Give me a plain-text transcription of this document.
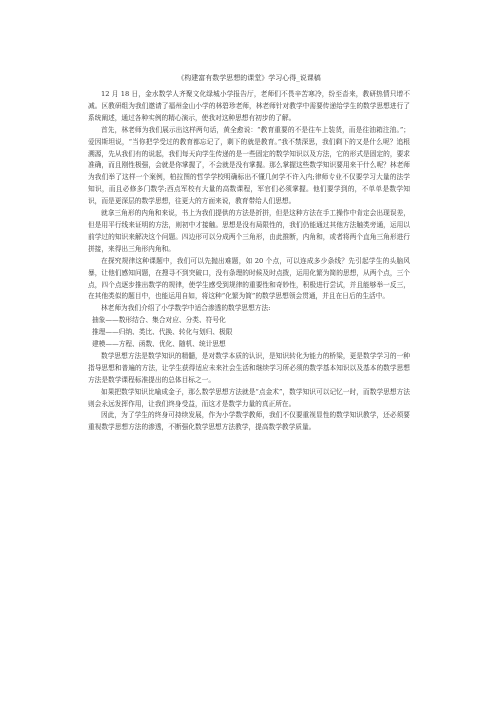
《构建富有数学思想的课堂》学习心得_说课稿

12 月 18 日，金水数学人齐聚文化绿城小学报告厅，老师们不畏辛苦寒冷，纷至沓来，教研热情只增不减。区教研组为我们邀请了福州金山小学的林碧珍老师，林老师针对教学中需要传递给学生的数学思想进行了系统阐述，通过各种实例的精心演示，使我对这种思想有初步的了解。

首先，林老师为我们展示出这样两句话，黄全愈说：“教育重要的不是往车上装货，而是往油箱注油。”；爱因斯坦说，“当你把学受过的教育都忘记了，剩下的就是教育。”我不禁深思，我们剩下的又是什么呢？追根溯源，先从我们有的说起，我们每天向学生传递的是一些固定的数学知识以及方法，它的形式是固定的，要求准确，而且刚性极强，会就是你掌握了，不会就是没有掌握。那么掌握这些数学知识要用来干什么呢？林老师为我们举了这样一个案例，柏拉图的哲学学校明确标出不懂几何学不许入内;律师专业不仅要学习大量的法学知识，而且必修多门数学;西点军校有大量的高数课程，军官们必须掌握。他们要学到的，不单单是数学知识，而是更深层的数学思想，往更大的方面来说，教育带给人们思想。

就拿三角形的内角和来说，书上为我们提供的方法是折拼，但是这种方法在手工操作中肯定会出现误差，但是用平行线来证明的方法，则初中才接触。思想是没有局限性的，我们仍能通过其他方法触类旁通，运用以前学过的知识来解决这个问题。四边形可以分成两个三角形，由此推断，内角和，或者将两个直角三角形进行拼接，来得出三角形内角和。

在探究规律这种课题中，我们可以先抛出难题，如 20 个点，可以连成多少条线？先引起学生的头脑风暴，让他们感知问题，在搜寻不到突破口，没有条理的时候及时点拨，运用化繁为简的思想，从两个点，三个点，四个点逐步推出数学的规律，使学生感受到规律的重要性和奇妙性，积极进行尝试，并且能够举一反三，在其他类似的题目中，也能运用自如，将这种“化繁为简”的数学思想领会贯通，并且在日后的生活中。

林老师为我们介绍了小学数学中适合渗透的数学思想方法:

抽象——数形结合、集合对应、分类、符号化

推理——归纳、类比、代换、转化与划归、极限

建模——方程、函数、优化、随机、统计思想

数学思想方法是数学知识的精髓，是对数学本质的认识，是知识转化为能力的桥梁，更是数学学习的一种指导思想和普遍的方法，让学生获得适应未来社会生活和继续学习所必须的数学基本知识以及基本的数学思想方法是数学课程标准提出的总体目标之一。

如果把数学知识比喻成金子，那么数学思想方法就是“点金术”，数学知识可以记忆一时，而数学思想方法则会永远发挥作用，让我们终身受益，而这才是数学力量的真正所在。

因此，为了学生的终身可持续发展，作为小学数学教师，我们不仅要重视显性的数学知识教学，还必须要重视数学思想方法的渗透，不断强化数学思想方法教学，提高数学教学质量。
